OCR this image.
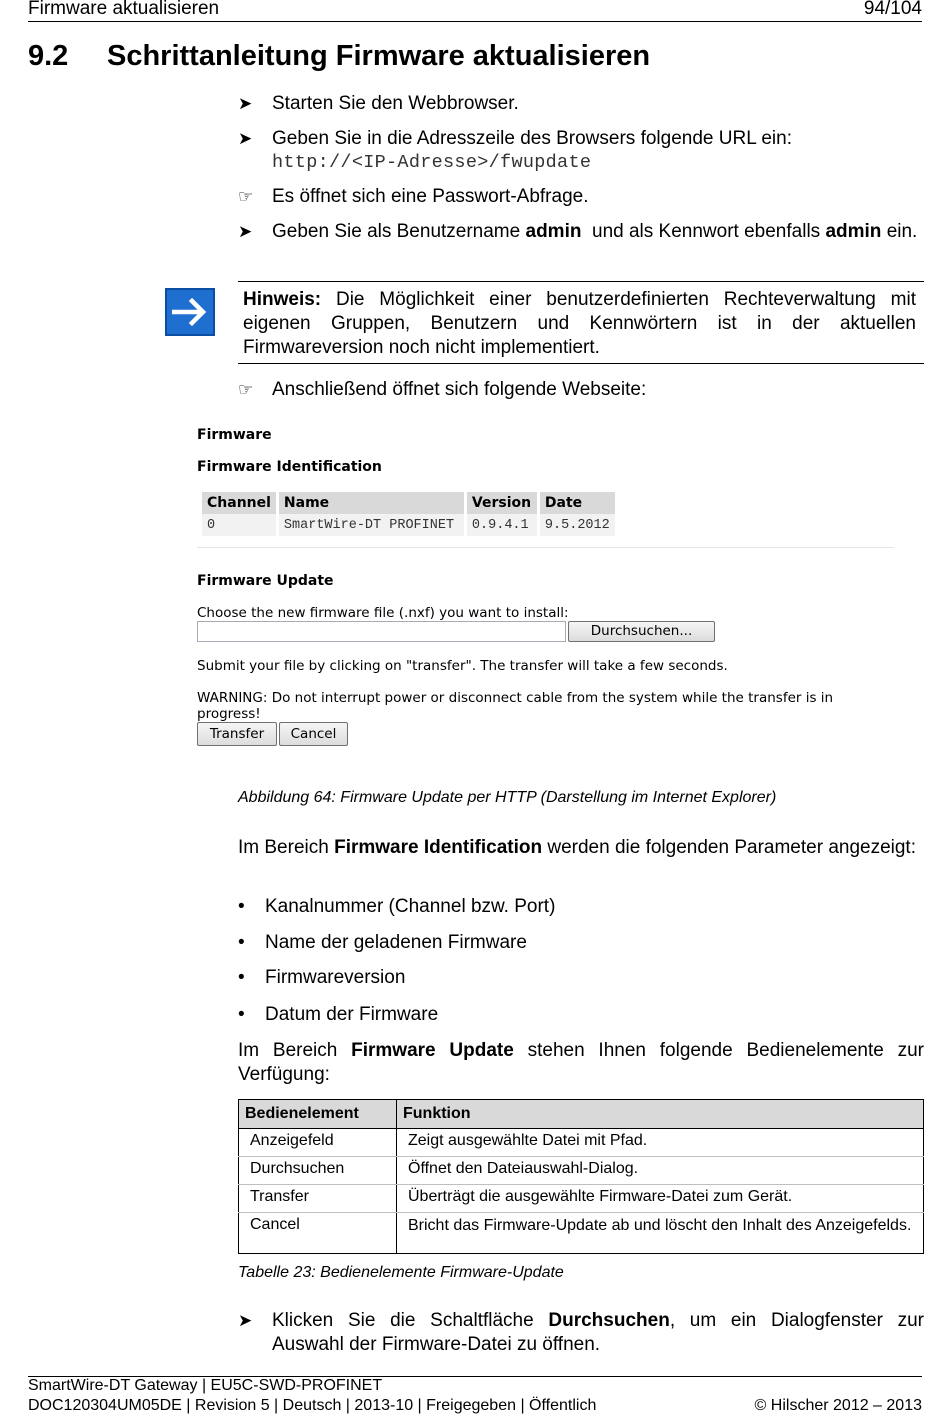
Firmware aktualisieren	94/104
9.2 Schrittanleitung Firmware aktualisieren
➤	Starten Sie den Webbrowser.
➤	Geben Sie in die Adresszeile des Browsers folgende URL ein:
http://<IP-Adresse>/fwupdate
☞ Es öffnet sich eine Passwort-Abfrage.
➤	Geben Sie als Benutzername admin und als Kennwort ebenfalls admin ein.
Hinweis: Die Möglichkeit einer benutzerdefinierten Rechteverwaltung mit eigenen Gruppen, Benutzern und Kennwörtern ist in der aktuellen Firmwareversion noch nicht implementiert.
☞ Anschließend öffnet sich folgende Webseite:
Firmware
Firmware Identification
Channel	Name	Version	Date
0	SmartWire-DT PROFINET	0.9.4.1	9.5.2012
Firmware Update
Choose the new firmware file (.nxf) you want to install:
Durchsuchen...
Submit your file by clicking on "transfer". The transfer will take a few seconds.
WARNING: Do not interrupt power or disconnect cable from the system while the transfer is in progress!
Transfer	Cancel
Abbildung 64: Firmware Update per HTTP (Darstellung im Internet Explorer)
Im Bereich Firmware Identification werden die folgenden Parameter angezeigt:
• Kanalnummer (Channel bzw. Port)
• Name der geladenen Firmware
• Firmwareversion
• Datum der Firmware
Im Bereich Firmware Update stehen Ihnen folgende Bedienelemente zur Verfügung:
Bedienelement	Funktion
Anzeigefeld	Zeigt ausgewählte Datei mit Pfad.
Durchsuchen	Öffnet den Dateiauswahl-Dialog.
Transfer	Überträgt die ausgewählte Firmware-Datei zum Gerät.
Cancel	Bricht das Firmware-Update ab und löscht den Inhalt des Anzeigefelds.
Tabelle 23: Bedienelemente Firmware-Update
➤	Klicken Sie die Schaltfläche Durchsuchen, um ein Dialogfenster zur Auswahl der Firmware-Datei zu öffnen.
SmartWire-DT Gateway | EU5C-SWD-PROFINET
DOC120304UM05DE | Revision 5 | Deutsch | 2013-10 | Freigegeben | Öffentlich	© Hilscher 2012 – 2013
